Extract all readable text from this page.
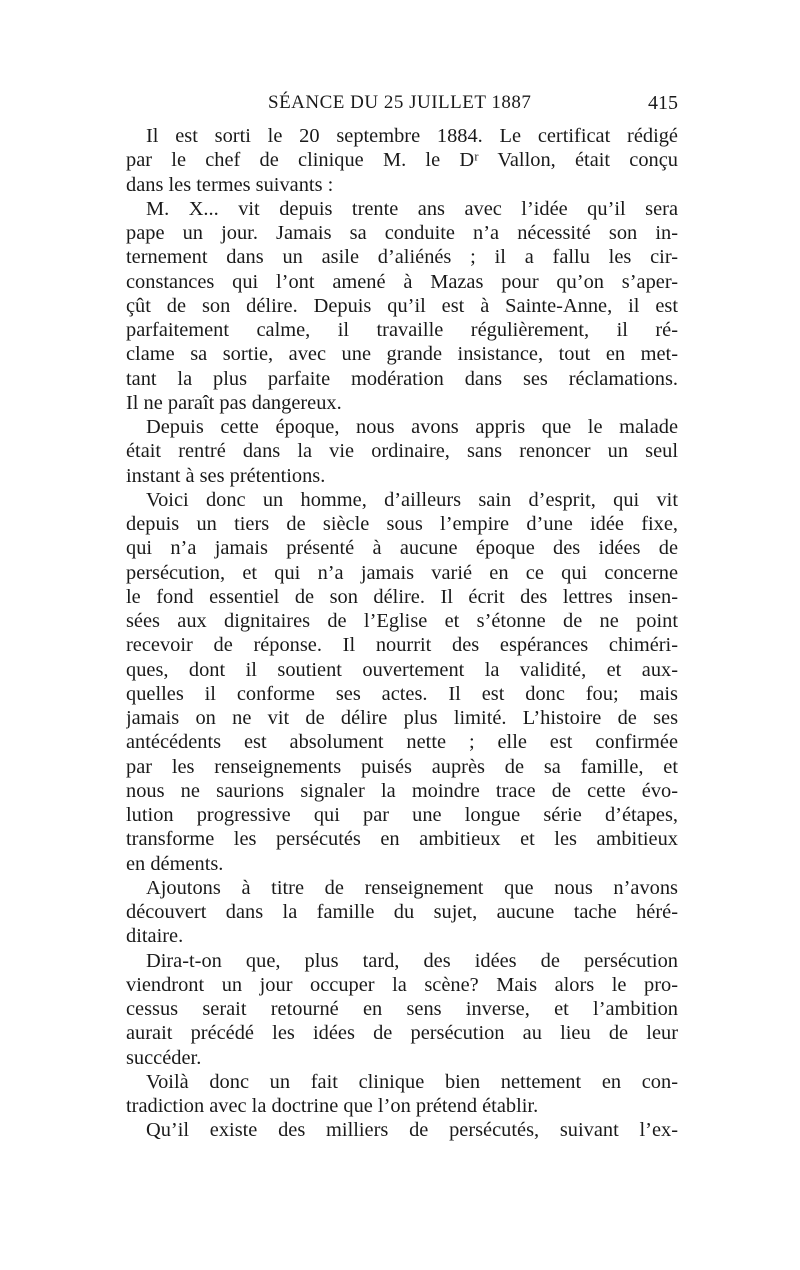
SÉANCE DU 25 JUILLET 1887	415
Il est sorti le 20 septembre 1884. Le certificat rédigé
par le chef de clinique M. le Dʳ Vallon, était conçu
dans les termes suivants :
M. X... vit depuis trente ans avec l’idée qu’il sera
pape un jour. Jamais sa conduite n’a nécessité son in-
ternement dans un asile d’aliénés ; il a fallu les cir-
constances qui l’ont amené à Mazas pour qu’on s’aper-
çût de son délire. Depuis qu’il est à Sainte-Anne, il est
parfaitement calme, il travaille régulièrement, il ré-
clame sa sortie, avec une grande insistance, tout en met-
tant la plus parfaite modération dans ses réclamations.
Il ne paraît pas dangereux.
Depuis cette époque, nous avons appris que le malade
était rentré dans la vie ordinaire, sans renoncer un seul
instant à ses prétentions.
Voici donc un homme, d’ailleurs sain d’esprit, qui vit
depuis un tiers de siècle sous l’empire d’une idée fixe,
qui n’a jamais présenté à aucune époque des idées de
persécution, et qui n’a jamais varié en ce qui concerne
le fond essentiel de son délire. Il écrit des lettres insen-
sées aux dignitaires de l’Eglise et s’étonne de ne point
recevoir de réponse. Il nourrit des espérances chiméri-
ques, dont il soutient ouvertement la validité, et aux-
quelles il conforme ses actes. Il est donc fou; mais
jamais on ne vit de délire plus limité. L’histoire de ses
antécédents est absolument nette ; elle est confirmée
par les renseignements puisés auprès de sa famille, et
nous ne saurions signaler la moindre trace de cette évo-
lution progressive qui par une longue série d’étapes,
transforme les persécutés en ambitieux et les ambitieux
en déments.
Ajoutons à titre de renseignement que nous n’avons
découvert dans la famille du sujet, aucune tache héré-
ditaire.
Dira-t-on que, plus tard, des idées de persécution
viendront un jour occuper la scène? Mais alors le pro-
cessus serait retourné en sens inverse, et l’ambition
aurait précédé les idées de persécution au lieu de leur
succéder.
Voilà donc un fait clinique bien nettement en con-
tradiction avec la doctrine que l’on prétend établir.
Qu’il existe des milliers de persécutés, suivant l’ex-
